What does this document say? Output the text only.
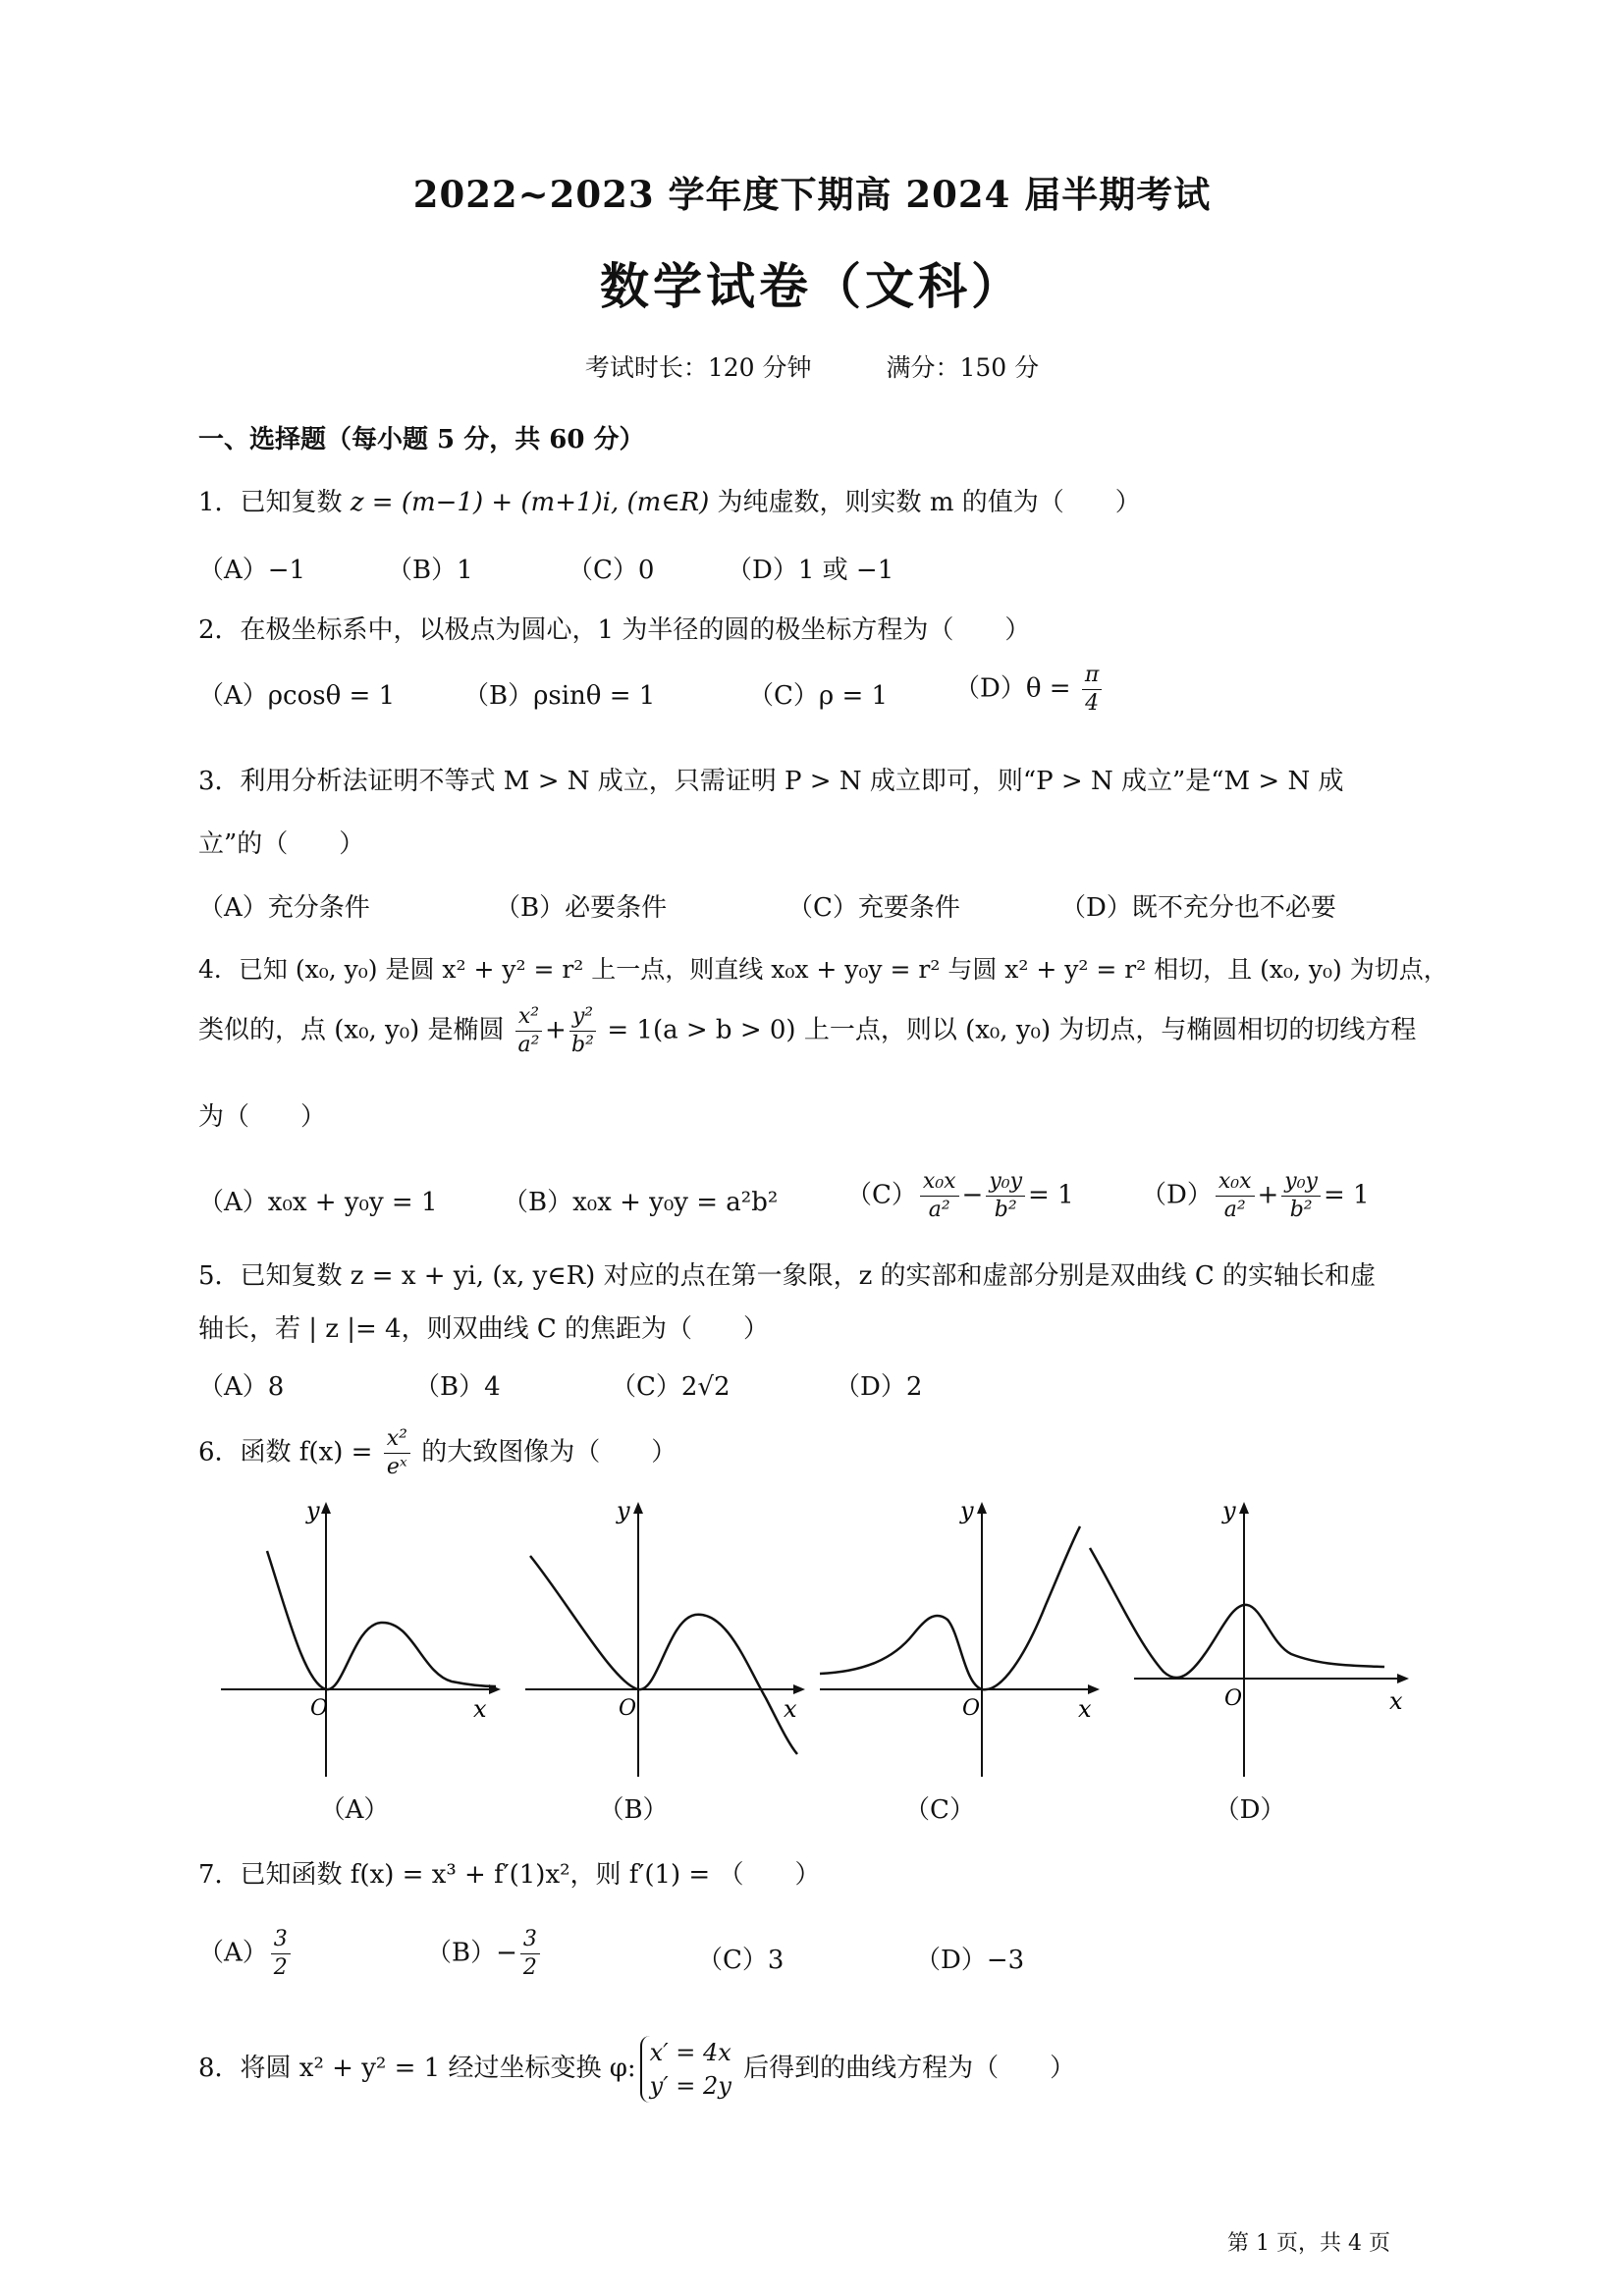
2022~2023 学年度下期高 2024 届半期考试
数学试卷（文科）
考试时长：120 分钟	满分：150 分
一、选择题（每小题 5 分，共 60 分）
1．已知复数 z = (m−1) + (m+1)i, (m∈R) 为纯虚数，则实数 m 的值为（　　）
（A）−1	（B）1	（C）0	（D）1 或 −1
2．在极坐标系中，以极点为圆心，1 为半径的圆的极坐标方程为（　　）
（A）ρcosθ = 1	（B）ρsinθ = 1	（C）ρ = 1	$(D)\theta = \frac{\pi}{4}$
3．利用分析法证明不等式 M > N 成立，只需证明 P > N 成立即可，则“P > N 成立”是“M > N 成
立”的（　　）
（A）充分条件	（B）必要条件	（C）充要条件	（D）既不充分也不必要
4．已知 (x₀, y₀) 是圆 x² + y² = r² 上一点，则直线 x₀x + y₀y = r² 与圆 x² + y² = r² 相切，且 (x₀, y₀) 为切点，
类似的，点 (x₀, y₀) 是椭圆 $\frac{\text{x²}}{\text{a²}} + \frac{\text{y²}}{\text{b²}} = 1(a > b > 0)$ 上一点，则以 (x₀, y₀) 为切点，与椭圆相切的切线方程
为（　　）
（A）x₀x + y₀y = 1	（B）x₀x + y₀y = a²b²	$(C) \frac{\text{x₀x}}{\text{a²}} - \frac{\text{y₀y}}{\text{b²}} = 1$	$(D) \frac{\text{x₀x}}{\text{a²}} + \frac{\text{y₀y}}{\text{b²}} = 1$
5．已知复数 z = x + yi, (x, y∈R) 对应的点在第一象限，z 的实部和虚部分别是双曲线 C 的实轴长和虚
轴长，若 | z |= 4，则双曲线 C 的焦距为（　　）
（A）8	（B）4	（C）2√2	（D）2
6．函数 $f(x) = \frac{\text{x²}}{\text{eˣ}}$ 的大致图像为（　　）
O	x
y
（A）
O	x
y
（B）
O	x
y
（C）
O	x
y
（D）
7．已知函数 f(x) = x³ + f′(1)x²，则 f′(1) = （　　）
$(A) \frac{3}{2}$	$(B)- \frac{3}{2}$	（C）3	（D）−3
8．将圆 x² + y² = 1 经过坐标变换 φ:
x′ = 4x
y′ = 2y
后得到的曲线方程为（　　）
第 1 页，共 4 页
